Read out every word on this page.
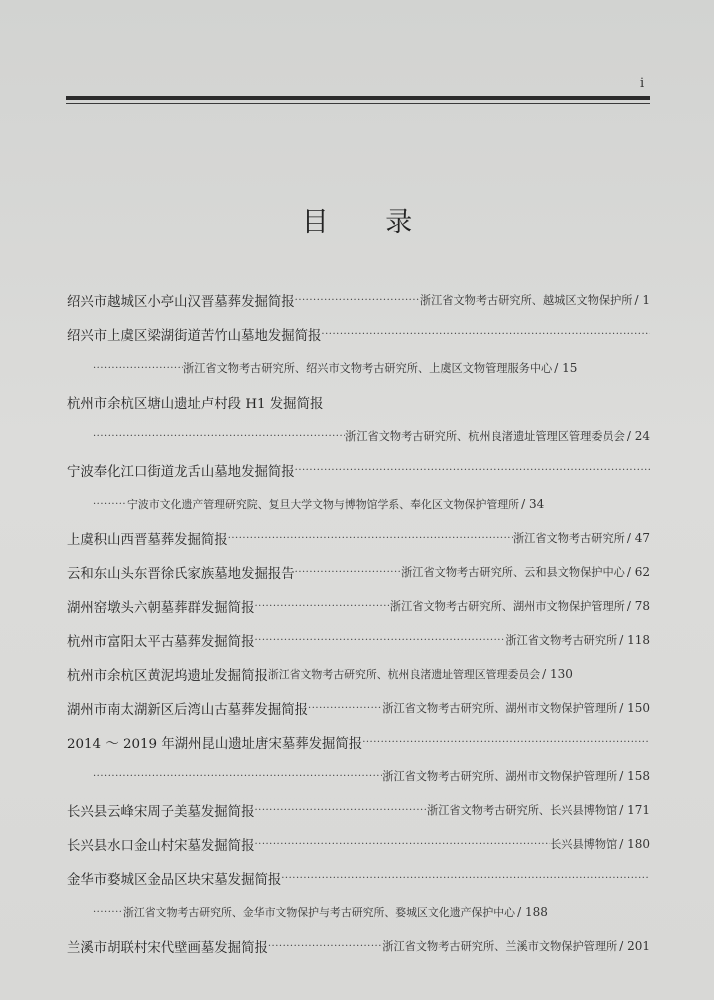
i
目 录
绍兴市越城区小亭山汉晋墓葬发掘简报 ·····	浙江省文物考古研究所、越城区文物保护所 / 1
绍兴市上虞区梁湖街道苦竹山墓地发掘简报
·····
·····
浙江省文物考古研究所、绍兴市文物考古研究所、上虞区文物管理服务中心 / 15
杭州市余杭区塘山遗址卢村段 H1 发掘简报
·····
浙江省文物考古研究所、杭州良渚遗址管理区管理委员会 / 24
宁波奉化江口街道龙舌山墓地发掘简报
·····
·····
宁波市文化遗产管理研究院、复旦大学文物与博物馆学系、奉化区文物保护管理所 / 34
上虞积山西晋墓葬发掘简报 ·····	浙江省文物考古研究所 / 47
云和东山头东晋徐氏家族墓地发掘报告 ·····	浙江省文物考古研究所、云和县文物保护中心 / 62
湖州窑墩头六朝墓葬群发掘简报 ·····	浙江省文物考古研究所、湖州市文物保护管理所 / 78
杭州市富阳太平古墓葬发掘简报 ·····	浙江省文物考古研究所 / 118
杭州市余杭区黄泥坞遗址发掘简报 浙江省文物考古研究所、杭州良渚遗址管理区管理委员会 / 130
湖州市南太湖新区后湾山古墓葬发掘简报 ·····	浙江省文物考古研究所、湖州市文物保护管理所 / 150
2014 ～ 2019 年湖州昆山遗址唐宋墓葬发掘简报
·····
·····
浙江省文物考古研究所、湖州市文物保护管理所 / 158
长兴县云峰宋周子美墓发掘简报 ·····	浙江省文物考古研究所、长兴县博物馆 / 171
长兴县水口金山村宋墓发掘简报 ·····	长兴县博物馆 / 180
金华市婺城区金品区块宋墓发掘简报
·····
·····
浙江省文物考古研究所、金华市文物保护与考古研究所、婺城区文化遗产保护中心 / 188
兰溪市胡联村宋代壁画墓发掘简报 ·····	浙江省文物考古研究所、兰溪市文物保护管理所 / 201
